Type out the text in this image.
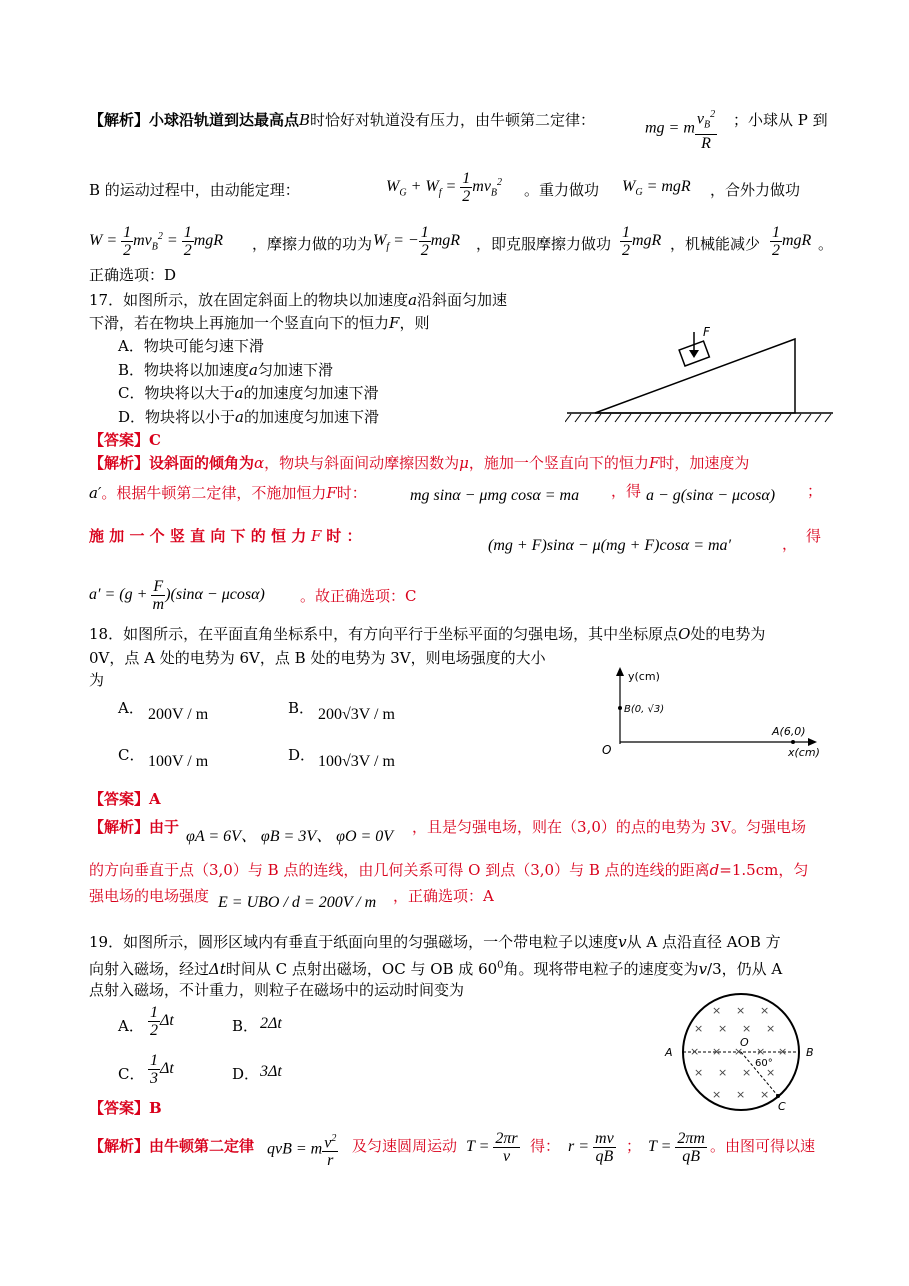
【解析】小球沿轨道到达最高点B时恰好对轨道没有压力，由牛顿第二定律：	mg = m $\frac{v_B^2}{R}$ ；小球从 P 到
B 的运动过程中，由动能定理：	$W_G + W_f = \frac{1}{2} mv_B^2$ 。重力做功 $W_G$ = mgR ，合外力做功
$W = \frac{1}{2} mv_B^2 = \frac{1}{2}$ mgR ，摩擦力做的功为 $W_f$ = − $\frac{1}{2}$ mgR ，即克服摩擦力做功 $\frac{1}{2}$ mgR ，机械能减少 $\frac{1}{2}$ mgR 。
正确选项：D
17．如图所示，放在固定斜面上的物块以加速度a沿斜面匀加速
下滑，若在物块上再施加一个竖直向下的恒力F，则
A．物块可能匀速下滑
B．物块将以加速度a匀加速下滑
C．物块将以大于a的加速度匀加速下滑
D．物块将以小于a的加速度匀加速下滑
F
【答案】C
【解析】设斜面的倾角为α，物块与斜面间动摩擦因数为μ，施加一个竖直向下的恒力F时，加速度为
a′。根据牛顿第二定律，不施加恒力F时：	mg sinα − μmg cosα = ma ，得 a − g(sinα − μcosα) ；
施 加 一 个 竖 直 向 下 的 恒 力 F 时 ：
(mg + F)sinα − μ(mg + F)cosα = ma′	， 得
$a' = (g + \frac{F}{m} )(\sin\alpha - \mu\cos\alpha)$ 。故正确选项：C
18．如图所示，在平面直角坐标系中，有方向平行于坐标平面的匀强电场，其中坐标原点O处的电势为
0V，点 A 处的电势为 6V，点 B 处的电势为 3V，则电场强度的大小
为
A． 200V / m	B． 200√3V / m
C． 100V / m	D． 100√3V / m
y(cm)
x(cm)
B(0, √3)
A(6,0)
O
【答案】A
【解析】由于
φA = 6V、 φB = 3V、 φO = 0V
，且是匀强电场，则在（3,0）的点的电势为 3V。匀强电场
的方向垂直于点（3,0）与 B 点的连线，由几何关系可得 O 到点（3,0）与 B 点的连线的距离d=1.5cm，匀
强电场的电场强度 E = UBO / d = 200V / m ，正确选项：A
19．如图所示，圆形区域内有垂直于纸面向里的匀强磁场，一个带电粒子以速度v从 A 点沿直径 AOB 方
向射入磁场，经过Δt时间从 C 点射出磁场，OC 与 OB 成 $60^0$角。现将带电粒子的速度变为v/3，仍从 A
点射入磁场，不计重力，则粒子在磁场中的运动时间变为
A． $\frac{1}{2}$ Δt	B． 2Δt
C． $\frac{1}{3}$ Δt	D． 3Δt
× × ×
× × × ×
× × × × ×
× × × ×
× × ×
A	B
C
O
60°
【答案】B
【解析】由牛顿第二定律 qvB = m $\frac{v^2}{r}$ 及匀速圆周运动 $T = \frac{2\pi r}{v}$ 得： $r = \frac{mv}{qB}$ ； $T = \frac{2\pi m}{qB}$ 。由图可得以速
